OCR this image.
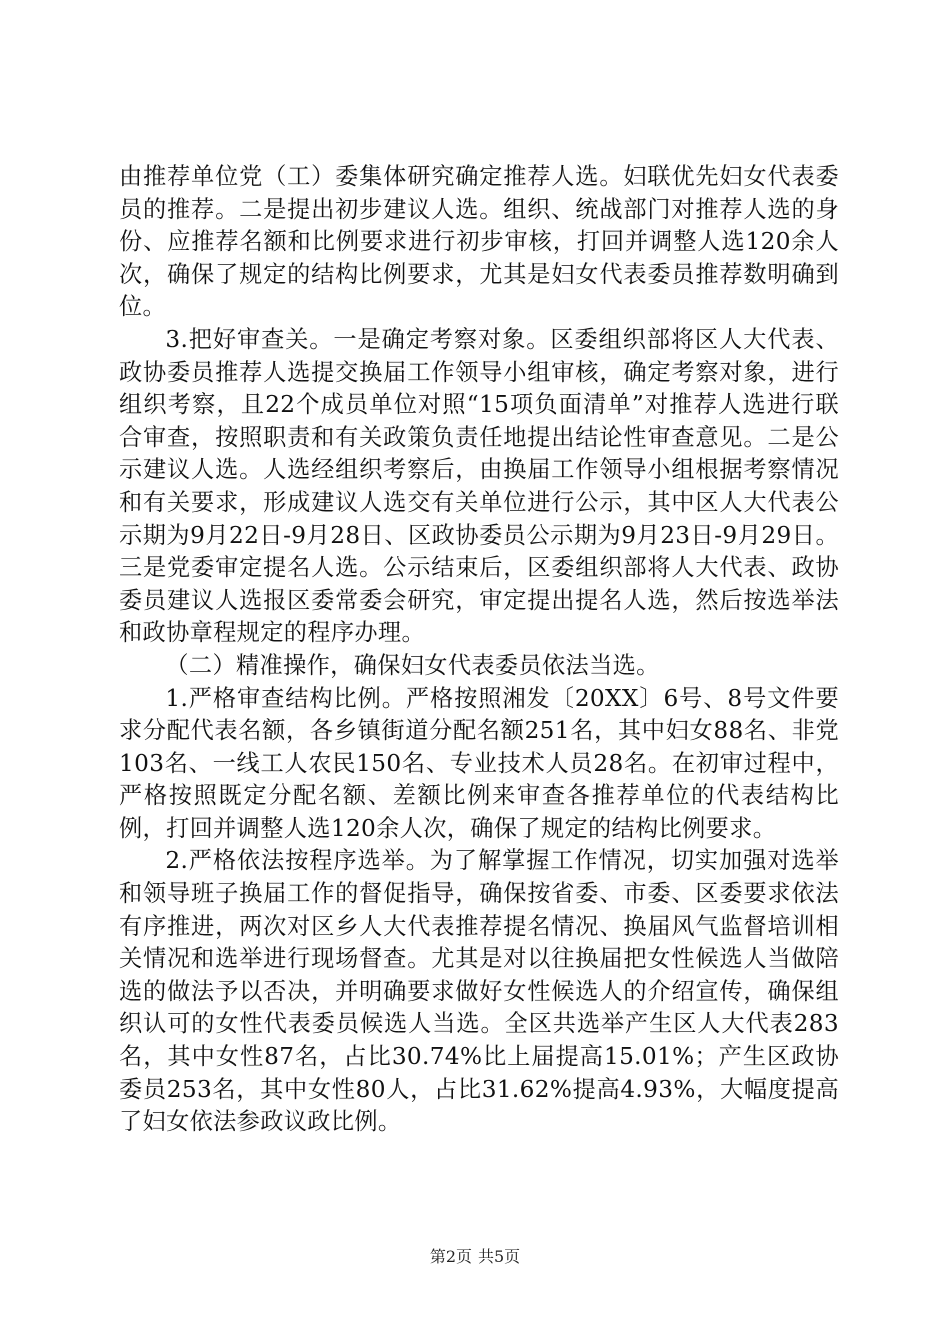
由推荐单位党（工）委集体研究确定推荐人选。妇联优先妇女代表委员的推荐。二是提出初步建议人选。组织、统战部门对推荐人选的身份、应推荐名额和比例要求进行初步审核，打回并调整人选120余人次，确保了规定的结构比例要求，尤其是妇女代表委员推荐数明确到位。

3.把好审查关。一是确定考察对象。区委组织部将区人大代表、政协委员推荐人选提交换届工作领导小组审核，确定考察对象，进行组织考察，且22个成员单位对照“15项负面清单”对推荐人选进行联合审查，按照职责和有关政策负责任地提出结论性审查意见。二是公示建议人选。人选经组织考察后，由换届工作领导小组根据考察情况和有关要求，形成建议人选交有关单位进行公示，其中区人大代表公示期为9月22日-9月28日、区政协委员公示期为9月23日-9月29日。三是党委审定提名人选。公示结束后，区委组织部将人大代表、政协委员建议人选报区委常委会研究，审定提出提名人选，然后按选举法和政协章程规定的程序办理。

（二）精准操作，确保妇女代表委员依法当选。

1.严格审查结构比例。严格按照湘发〔20XX〕6号、8号文件要求分配代表名额，各乡镇街道分配名额251名，其中妇女88名、非党103名、一线工人农民150名、专业技术人员28名。在初审过程中，严格按照既定分配名额、差额比例来审查各推荐单位的代表结构比例，打回并调整人选120余人次，确保了规定的结构比例要求。

2.严格依法按程序选举。为了解掌握工作情况，切实加强对选举和领导班子换届工作的督促指导，确保按省委、市委、区委要求依法有序推进，两次对区乡人大代表推荐提名情况、换届风气监督培训相关情况和选举进行现场督查。尤其是对以往换届把女性候选人当做陪选的做法予以否决，并明确要求做好女性候选人的介绍宣传，确保组织认可的女性代表委员候选人当选。全区共选举产生区人大代表283名，其中女性87名，占比30.74%比上届提高15.01%；产生区政协委员253名，其中女性80人，占比31.62%提高4.93%，大幅度提高了妇女依法参政议政比例。

第2页 共5页
